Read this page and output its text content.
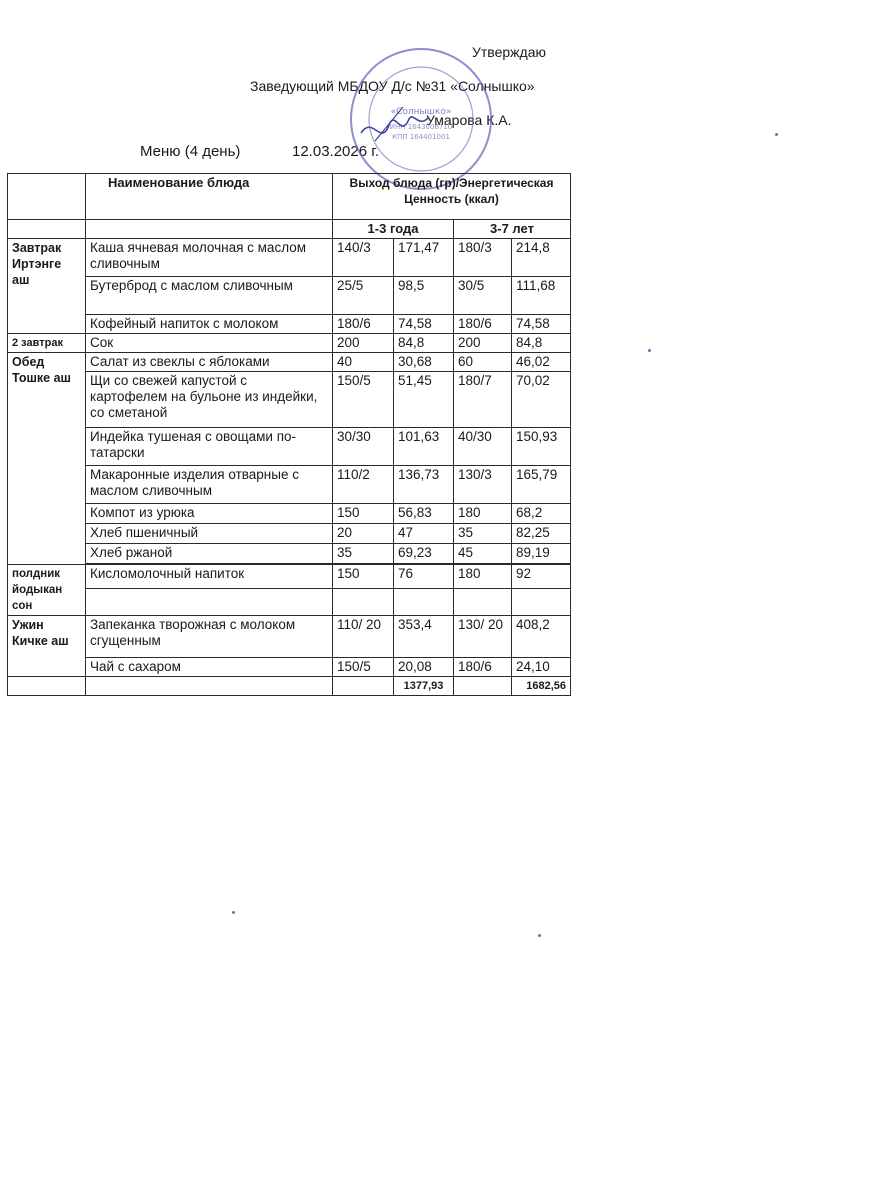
Утверждаю
Заведующий МБДОУ Д/с №31 «Солнышко»
Умарова К.А.
Меню (4 день)	12.03.2026 г.
«Солнышко»
ИНН 1643006710
КПП 164401001
	Наименование блюда	Выход блюда (гр)/Энергетическая Ценность (ккал)			
		1-3 года		3-7 лет	
Завтрак Иртэнге аш	Каша ячневая молочная с маслом сливочным	140/3	171,47	180/3	214,8
	Бутерброд с маслом сливочным	25/5	98,5	30/5	111,68
	Кофейный напиток с молоком	180/6	74,58	180/6	74,58
2 завтрак	Сок	200	84,8	200	84,8
Обед Тошке аш	Салат из свеклы с яблоками	40	30,68	60	46,02
	Щи со свежей капустой с картофелем на бульоне из индейки, со сметаной	150/5	51,45	180/7	70,02
	Индейка тушеная с овощами по-татарски	30/30	101,63	40/30	150,93
	Макаронные изделия отварные с маслом сливочным	110/2	136,73	130/3	165,79
	Компот из урюка	150	56,83	180	68,2
	Хлеб пшеничный	20	47	35	82,25
	Хлеб ржаной	35	69,23	45	89,19

полдник йодыкан сон	Кисломолочный напиток	150	76	180	92

Ужин Кичке аш	Запеканка творожная с молоком сгущенным	110/ 20	353,4	130/ 20	408,2
	Чай с сахаром	150/5	20,08	180/6	24,10
			1377,93		1682,56
